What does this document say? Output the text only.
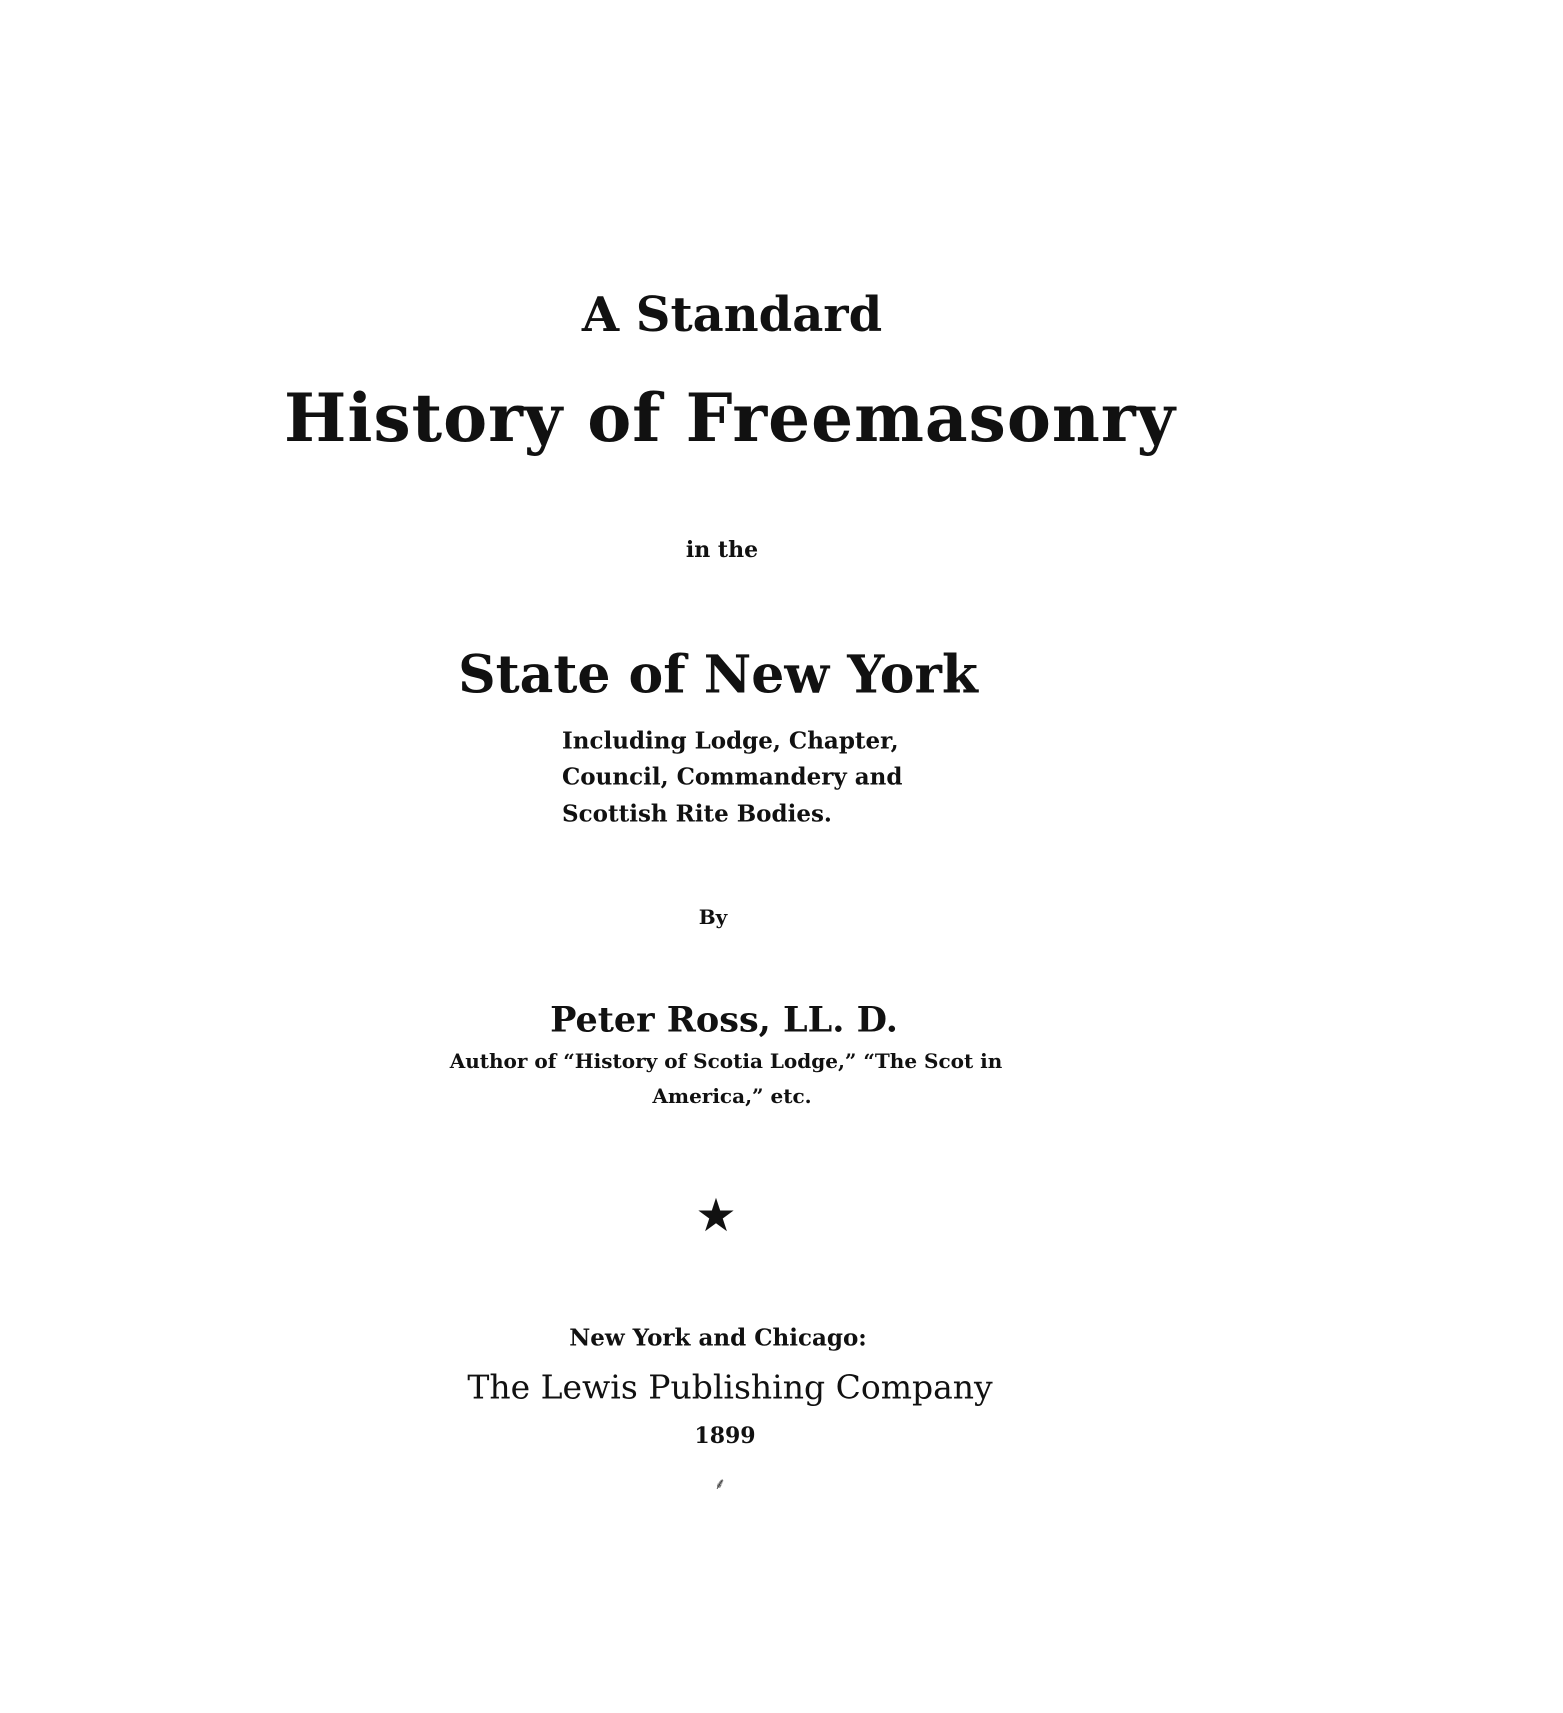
A Standard
History of Freemasonry
in the
State of New York
Including Lodge, Chapter,
Council, Commandery and
Scottish Rite Bodies.
By
Peter Ross, LL. D.
Author of “History of Scotia Lodge,” “The Scot in
America,” etc.
★
New York and Chicago:
The Lewis Publishing Company
1899
⸙
